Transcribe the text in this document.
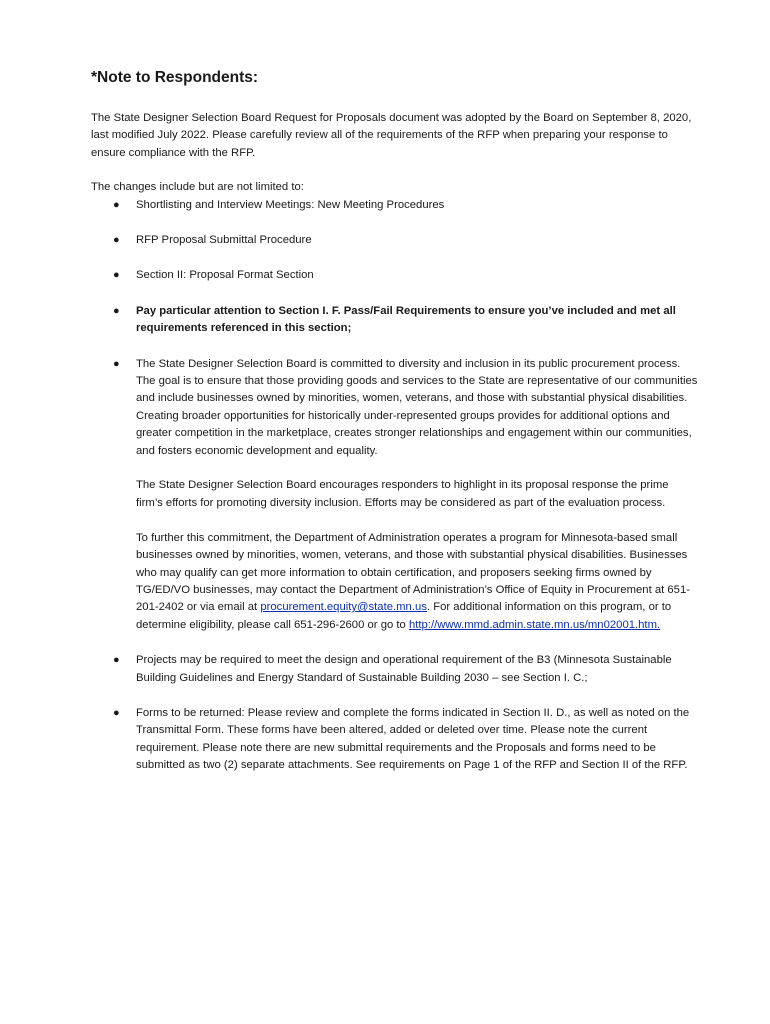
*Note to Respondents:

The State Designer Selection Board Request for Proposals document was adopted by the Board on September 8, 2020, last modified July 2022. Please carefully review all of the requirements of the RFP when preparing your response to ensure compliance with the RFP.

The changes include but are not limited to:

● Shortlisting and Interview Meetings: New Meeting Procedures
● RFP Proposal Submittal Procedure
● Section II: Proposal Format Section
● Pay particular attention to Section I. F. Pass/Fail Requirements to ensure you’ve included and met all requirements referenced in this section;
● The State Designer Selection Board is committed to diversity and inclusion in its public procurement process. The goal is to ensure that those providing goods and services to the State are representative of our communities and include businesses owned by minorities, women, veterans, and those with substantial physical disabilities. Creating broader opportunities for historically under-represented groups provides for additional options and greater competition in the marketplace, creates stronger relationships and engagement within our communities, and fosters economic development and equality.
The State Designer Selection Board encourages responders to highlight in its proposal response the prime firm’s efforts for promoting diversity inclusion. Efforts may be considered as part of the evaluation process.
To further this commitment, the Department of Administration operates a program for Minnesota-based small businesses owned by minorities, women, veterans, and those with substantial physical disabilities. Businesses who may qualify can get more information to obtain certification, and proposers seeking firms owned by TG/ED/VO businesses, may contact the Department of Administration’s Office of Equity in Procurement at 651-201-2402 or via email at procurement.equity@state.mn.us. For additional information on this program, or to determine eligibility, please call 651-296-2600 or go to http://www.mmd.admin.state.mn.us/mn02001.htm.
● Projects may be required to meet the design and operational requirement of the B3 (Minnesota Sustainable Building Guidelines and Energy Standard of Sustainable Building 2030 – see Section I. C.;
● Forms to be returned: Please review and complete the forms indicated in Section II. D., as well as noted on the Transmittal Form. These forms have been altered, added or deleted over time. Please note the current requirement. Please note there are new submittal requirements and the Proposals and forms need to be submitted as two (2) separate attachments. See requirements on Page 1 of the RFP and Section II of the RFP.
